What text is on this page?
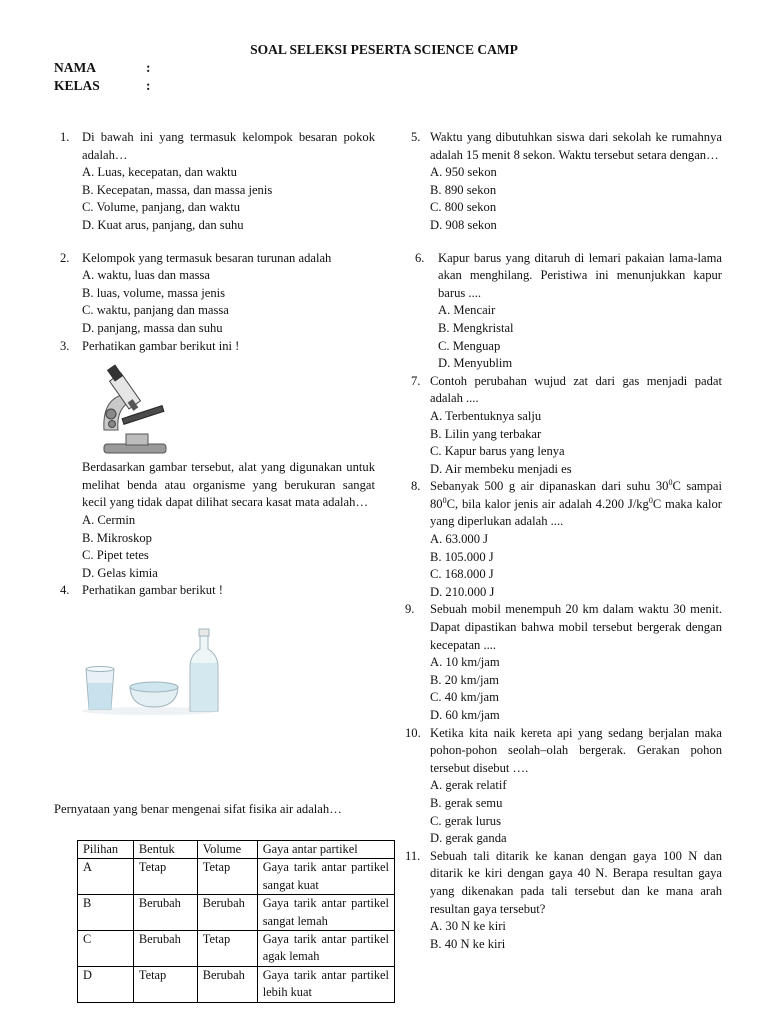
SOAL SELEKSI PESERTA SCIENCE CAMP
NAMA	:
KELAS	:
1. Di bawah ini yang termasuk kelompok besaran pokok adalah…
A. Luas, kecepatan, dan waktu
B. Kecepatan, massa, dan massa jenis
C. Volume, panjang, dan waktu
D. Kuat arus, panjang, dan suhu
2. Kelompok yang termasuk besaran turunan adalah
A. waktu, luas dan massa
B. luas, volume, massa jenis
C. waktu, panjang dan massa
D. panjang, massa dan suhu
3. Perhatikan gambar berikut ini !
Berdasarkan gambar tersebut, alat yang digunakan untuk melihat benda atau organisme yang berukuran sangat kecil yang tidak dapat dilihat secara kasat mata adalah…
A. Cermin
B. Mikroskop
C. Pipet tetes
D. Gelas kimia
4. Perhatikan gambar berikut !
Pernyataan yang benar mengenai sifat fisika air adalah…
Pilihan	Bentuk	Volume	Gaya antar partikel
A	Tetap	Tetap	Gaya tarik antar partikel sangat kuat
B	Berubah	Berubah	Gaya tarik antar partikel sangat lemah
C	Berubah	Tetap	Gaya tarik antar partikel agak lemah
D	Tetap	Berubah	Gaya tarik antar partikel lebih kuat
5. Waktu yang dibutuhkan siswa dari sekolah ke rumahnya adalah 15 menit 8 sekon. Waktu tersebut setara dengan…
A. 950 sekon
B. 890 sekon
C. 800 sekon
D. 908 sekon
6. Kapur barus yang ditaruh di lemari pakaian lama-lama akan menghilang. Peristiwa ini menunjukkan kapur barus ....
A. Mencair
B. Mengkristal
C. Menguap
D. Menyublim
7. Contoh perubahan wujud zat dari gas menjadi padat adalah ....
A. Terbentuknya salju
B. Lilin yang terbakar
C. Kapur barus yang lenya
D. Air membeku menjadi es
8. Sebanyak 500 g air dipanaskan dari suhu $30^0C$ sampai $80^0C$, bila kalor jenis air adalah 4.200 $J/kg^0C$ maka kalor yang diperlukan adalah ....
A. 63.000 J
B. 105.000 J
C. 168.000 J
D. 210.000 J
9. Sebuah mobil menempuh 20 km dalam waktu 30 menit. Dapat dipastikan bahwa mobil tersebut bergerak dengan kecepatan ....
A. 10 km/jam
B. 20 km/jam
C. 40 km/jam
D. 60 km/jam
10. Ketika kita naik kereta api yang sedang berjalan maka pohon-pohon seolah–olah bergerak. Gerakan pohon tersebut disebut ….
A. gerak relatif
B. gerak semu
C. gerak lurus
D. gerak ganda
11. Sebuah tali ditarik ke kanan dengan gaya 100 N dan ditarik ke kiri dengan gaya 40 N. Berapa resultan gaya yang dikenakan pada tali tersebut dan ke mana arah resultan gaya tersebut?
A. 30 N ke kiri
B. 40 N ke kiri
